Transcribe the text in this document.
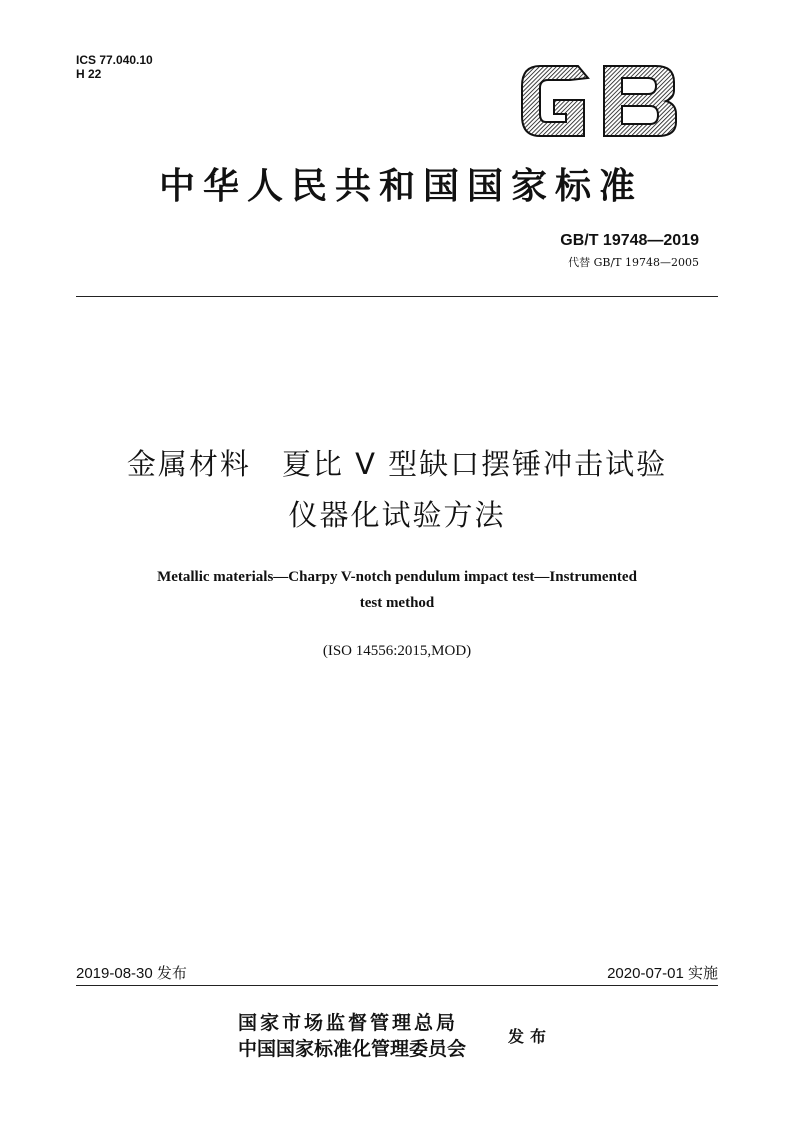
ICS 77.040.10
H 22
中华人民共和国国家标准
GB/T 19748—2019
代替 GB/T 19748—2005
金属材料　夏比 V 型缺口摆锤冲击试验
仪器化试验方法
Metallic materials—Charpy V-notch pendulum impact test—Instrumented
test method
(ISO 14556:2015,MOD)
2019-08-30 发布	2020-07-01 实施
国家市场监督管理总局
中国国家标准化管理委员会
发布
